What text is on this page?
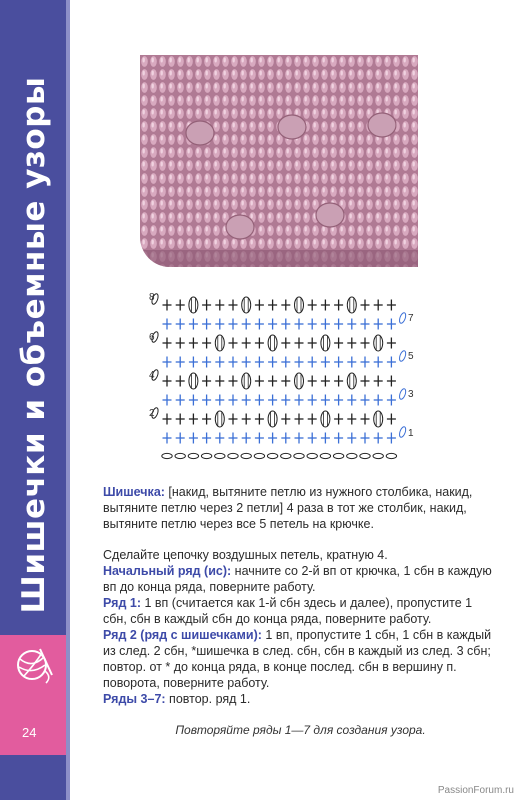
Шишечки и объемные узоры
24
8
6
4
2
7
5
3
1
Шишечка: [накид, вытяните петлю из нужного столбика, накид, вытяните петлю через 2 петли] 4 раза в тот же столбик, накид, вытяните петлю через все 5 петель на крючке.
Сделайте цепочку воздушных петель, кратную 4.
Начальный ряд (ис): начните со 2-й вп от крючка, 1 сбн в каждую вп до конца ряда, поверните работу.
Ряд 1: 1 вп (считается как 1-й сбн здесь и далее), пропустите 1 сбн, сбн в каждый сбн до конца ряда, поверните работу.
Ряд 2 (ряд с шишечками): 1 вп, пропустите 1 сбн, 1 сбн в каждый из след. 2 сбн, *шишечка в след. сбн, сбн в каждый из след. 3 сбн; повтор. от * до конца ряда, в конце послед. сбн в вершину п. поворота, поверните работу.
Ряды 3–7: повтор. ряд 1.
Повторяйте ряды 1—7 для создания узора.
PassionForum.ru
